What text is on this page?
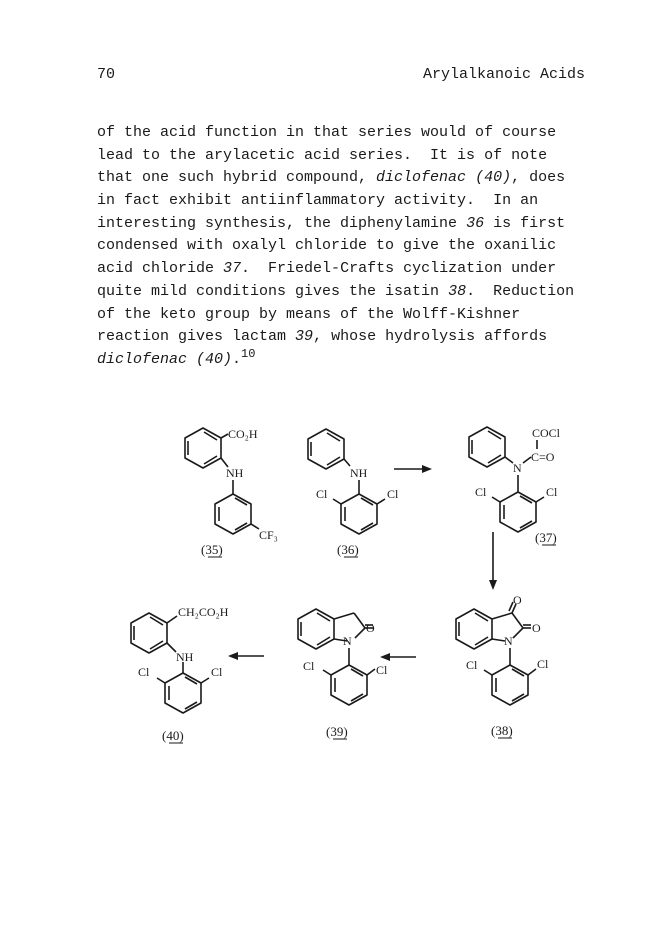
70	Arylalkanoic Acids
of the acid function in that series would of course
lead to the arylacetic acid series.  It is of note
that one such hybrid compound, diclofenac (40), does
in fact exhibit antiinflammatory activity.  In an
interesting synthesis, the diphenylamine 36 is first
condensed with oxalyl chloride to give the oxanilic
acid chloride 37.  Friedel-Crafts cyclization under
quite mild conditions gives the isatin 38.  Reduction
of the keto group by means of the Wolff-Kishner
reaction gives lactam 39, whose hydrolysis affords
diclofenac (40).$^{10}$
CO₂H
NH
CF₃
(35)
NH
Cl	Cl
(36)
COCl
C=O
N
Cl	Cl
(37)
O
O
N
Cl	Cl
(38)
O
N
Cl	Cl
(39)
CH₂CO₂H
NH
Cl	Cl
(40)
